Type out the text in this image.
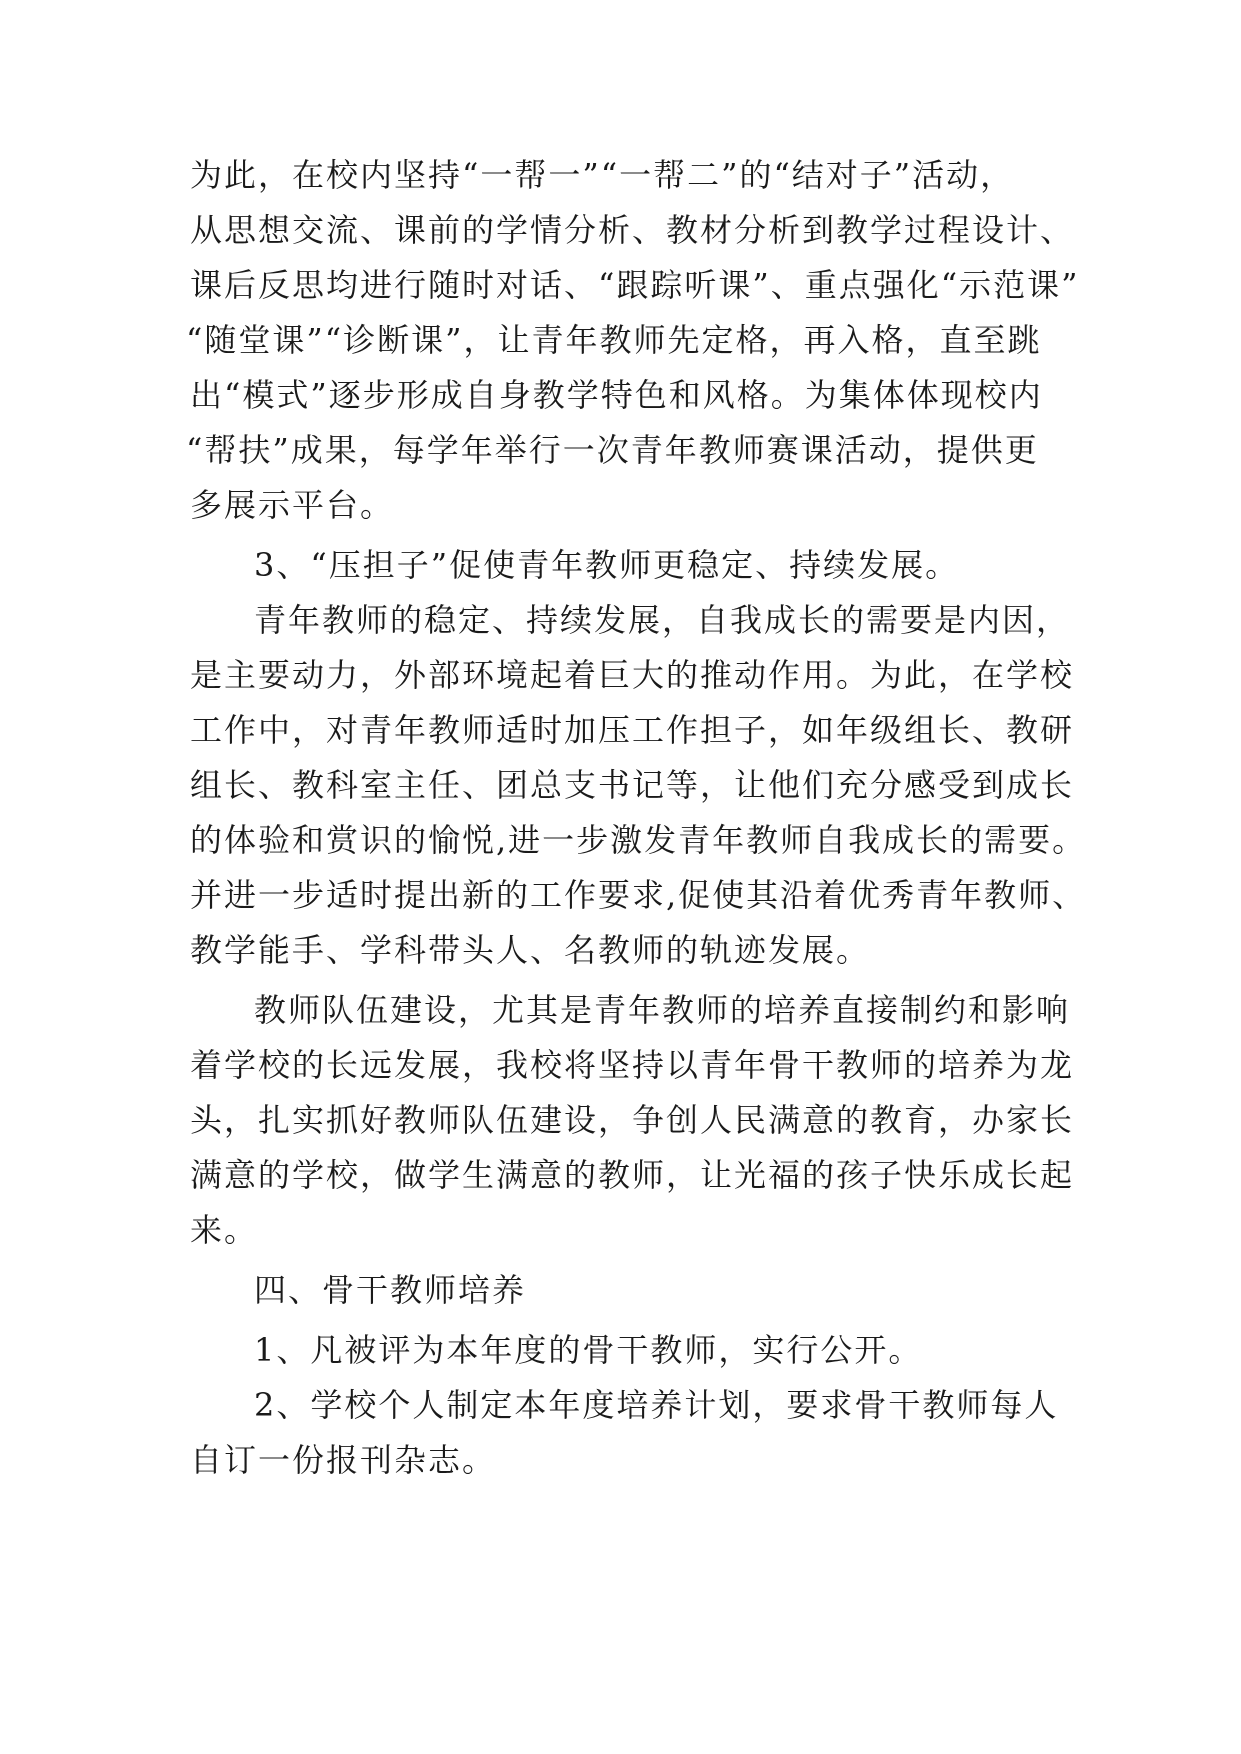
为此，在校内坚持“一帮一”“一帮二”的“结对子”活动，
从思想交流、课前的学情分析、教材分析到教学过程设计、
课后反思均进行随时对话、“跟踪听课”、重点强化“示范课”
“随堂课”“诊断课”，让青年教师先定格，再入格，直至跳
出“模式”逐步形成自身教学特色和风格。为集体体现校内
“帮扶”成果，每学年举行一次青年教师赛课活动，提供更
多展示平台。
3、“压担子”促使青年教师更稳定、持续发展。
青年教师的稳定、持续发展，自我成长的需要是内因，
是主要动力，外部环境起着巨大的推动作用。为此，在学校
工作中，对青年教师适时加压工作担子，如年级组长、教研
组长、教科室主任、团总支书记等，让他们充分感受到成长
的体验和赏识的愉悦,进一步激发青年教师自我成长的需要。
并进一步适时提出新的工作要求,促使其沿着优秀青年教师、
教学能手、学科带头人、名教师的轨迹发展。
教师队伍建设，尤其是青年教师的培养直接制约和影响
着学校的长远发展，我校将坚持以青年骨干教师的培养为龙
头，扎实抓好教师队伍建设，争创人民满意的教育，办家长
满意的学校，做学生满意的教师，让光福的孩子快乐成长起
来。
四、骨干教师培养
1、凡被评为本年度的骨干教师，实行公开。
2、学校个人制定本年度培养计划，要求骨干教师每人
自订一份报刊杂志。
